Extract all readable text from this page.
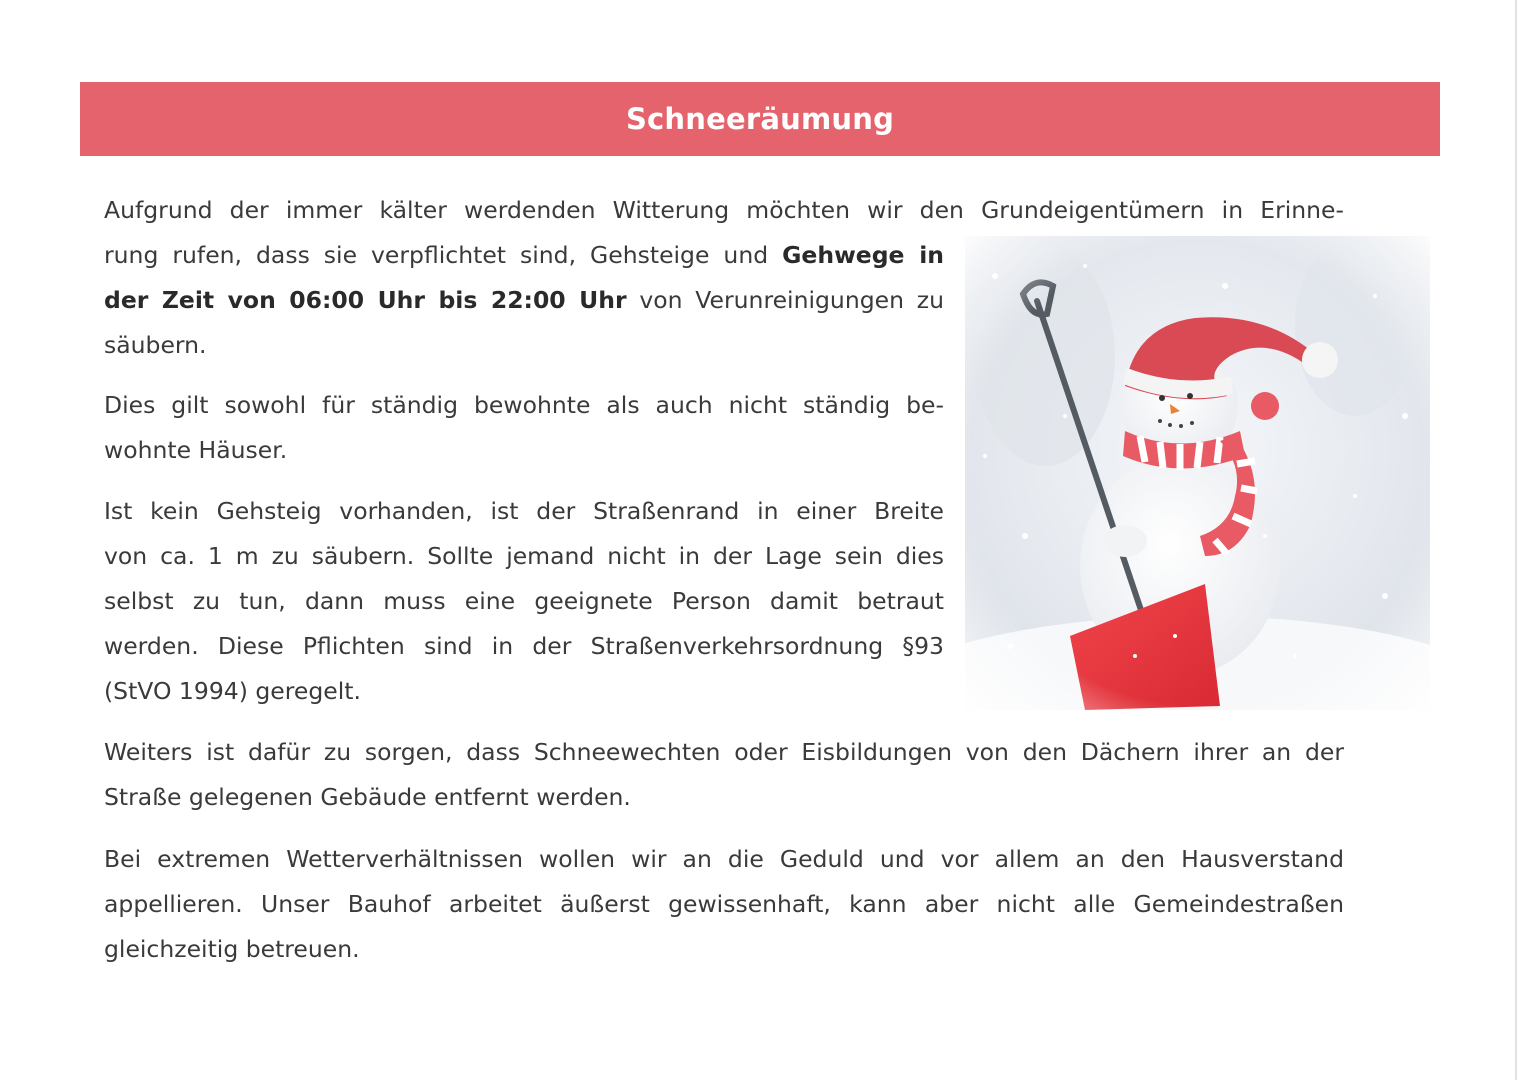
Schneeräumung
Aufgrund der immer kälter werdenden Witterung möchten wir den Grundeigentümern in Erinne-
rung rufen, dass sie verpflichtet sind, Gehsteige und Gehwege in
der Zeit von 06:00 Uhr bis 22:00 Uhr von Verunreinigungen zu
säubern.
Dies gilt sowohl für ständig bewohnte als auch nicht ständig be-
wohnte Häuser.
Ist kein Gehsteig vorhanden, ist der Straßenrand in einer Breite
von ca. 1 m zu säubern. Sollte jemand nicht in der Lage sein dies
selbst zu tun, dann muss eine geeignete Person damit betraut
werden. Diese Pflichten sind in der Straßenverkehrsordnung §93
(StVO 1994) geregelt.
Weiters ist dafür zu sorgen, dass Schneewechten oder Eisbildungen von den Dächern ihrer an der
Straße gelegenen Gebäude entfernt werden.
Bei extremen Wetterverhältnissen wollen wir an die Geduld und vor allem an den Hausverstand
appellieren. Unser Bauhof arbeitet äußerst gewissenhaft, kann aber nicht alle Gemeindestraßen
gleichzeitig betreuen.
